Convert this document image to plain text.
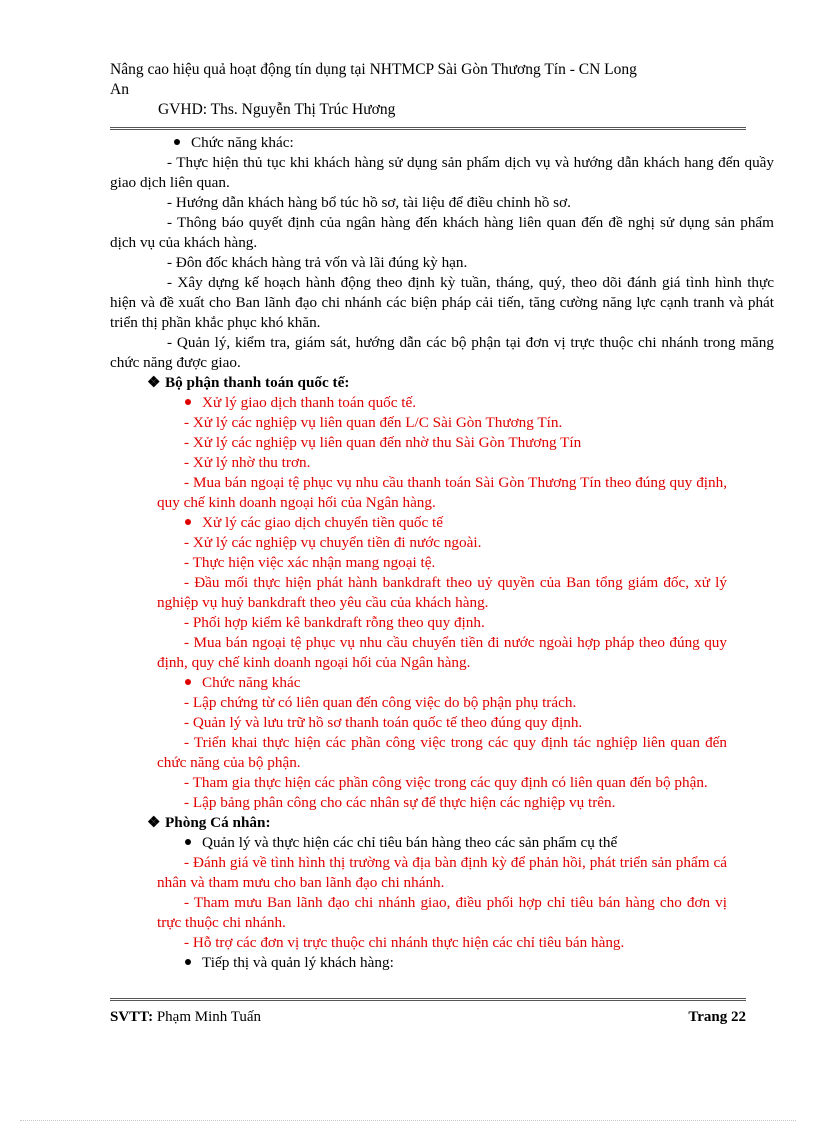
Nâng cao hiệu quả hoạt động tín dụng tại NHTMCP Sài Gòn Thương Tín - CN Long
An
GVHD: Ths. Nguyễn Thị Trúc Hương

Chức năng khác:

- Thực hiện thủ tục khi khách hàng sử dụng sản phẩm dịch vụ và hướng dẫn khách hang đến quầy giao dịch liên quan.

- Hướng dẫn khách hàng bổ túc hồ sơ, tài liệu để điều chỉnh hồ sơ.

- Thông báo quyết định của ngân hàng đến khách hàng liên quan đến đề nghị sử dụng sản phẩm dịch vụ của khách hàng.

- Đôn đốc khách hàng trả vốn và lãi đúng kỳ hạn.

- Xây dựng kế hoạch hành động theo định kỳ tuần, tháng, quý, theo dõi đánh giá tình hình thực hiện và đề xuất cho Ban lãnh đạo chi nhánh các biện pháp cải tiến, tăng cường năng lực cạnh tranh và phát triển thị phần khắc phục khó khăn.

- Quản lý, kiểm tra, giám sát, hướng dẫn các bộ phận tại đơn vị trực thuộc chi nhánh trong măng chức năng được giao.

❖ Bộ phận thanh toán quốc tế:

Xử lý giao dịch thanh toán quốc tế.

- Xử lý các nghiệp vụ liên quan đến L/C Sài Gòn Thương Tín.

- Xử lý các nghiệp vụ liên quan đến nhờ thu Sài Gòn Thương Tín

- Xử lý nhờ thu trơn.

- Mua bán ngoại tệ phục vụ nhu cầu thanh toán Sài Gòn Thương Tín theo đúng quy định, quy chế kinh doanh ngoại hối của Ngân hàng.

Xử lý các giao dịch chuyển tiền quốc tế

- Xử lý các nghiệp vụ chuyển tiền đi nước ngoài.

- Thực hiện việc xác nhận mang ngoại tệ.

- Đầu mối thực hiện phát hành bankdraft theo uỷ quyền của Ban tổng giám đốc, xử lý nghiệp vụ huỷ bankdraft theo yêu cầu của khách hàng.

- Phối hợp kiểm kê bankdraft rỗng theo quy định.

- Mua bán ngoại tệ phục vụ nhu cầu chuyển tiền đi nước ngoài hợp pháp theo đúng quy định, quy chế kinh doanh ngoại hối của Ngân hàng.

Chức năng khác

- Lập chứng từ có liên quan đến công việc do bộ phận phụ trách.

- Quản lý và lưu trữ hồ sơ thanh toán quốc tế theo đúng quy định.

- Triển khai thực hiện các phần công việc trong các quy định tác nghiệp liên quan đến chức năng của bộ phận.

- Tham gia thực hiện các phần công việc trong các quy định có liên quan đến bộ phận.

- Lập bảng phân công cho các nhân sự để thực hiện các nghiệp vụ trên.

❖ Phòng Cá nhân:

Quản lý và thực hiện các chỉ tiêu bán hàng theo các sản phẩm cụ thể

- Đánh giá về tình hình thị trường và địa bàn định kỳ để phản hồi, phát triển sản phẩm cá nhân và tham mưu cho ban lãnh đạo chi nhánh.

- Tham mưu Ban lãnh đạo chi nhánh giao, điều phối hợp chỉ tiêu bán hàng cho đơn vị trực thuộc chi nhánh.

- Hỗ trợ các đơn vị trực thuộc chi nhánh thực hiện các chỉ tiêu bán hàng.

Tiếp thị và quản lý khách hàng:

SVTT: Phạm Minh Tuấn	Trang 22
